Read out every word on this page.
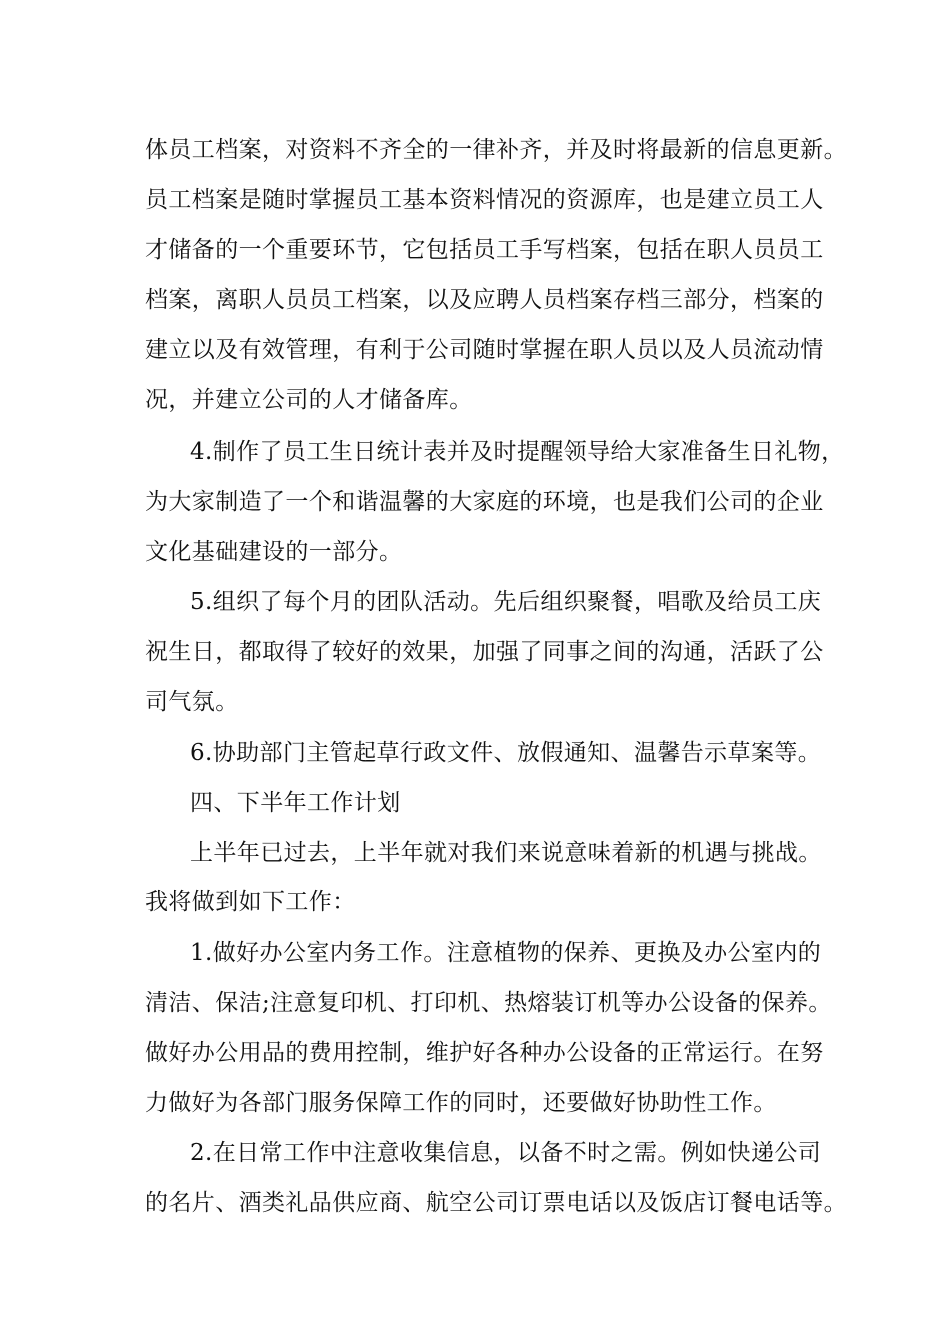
体员工档案，对资料不齐全的一律补齐，并及时将最新的信息更新。
员工档案是随时掌握员工基本资料情况的资源库，也是建立员工人
才储备的一个重要环节，它包括员工手写档案，包括在职人员员工
档案，离职人员员工档案，以及应聘人员档案存档三部分，档案的
建立以及有效管理，有利于公司随时掌握在职人员以及人员流动情
况，并建立公司的人才储备库。
4.制作了员工生日统计表并及时提醒领导给大家准备生日礼物，
为大家制造了一个和谐温馨的大家庭的环境，也是我们公司的企业
文化基础建设的一部分。
5.组织了每个月的团队活动。先后组织聚餐，唱歌及给员工庆
祝生日，都取得了较好的效果，加强了同事之间的沟通，活跃了公
司气氛。
6.协助部门主管起草行政文件、放假通知、温馨告示草案等。
四、下半年工作计划
上半年已过去，上半年就对我们来说意味着新的机遇与挑战。
我将做到如下工作：
1.做好办公室内务工作。注意植物的保养、更换及办公室内的
清洁、保洁;注意复印机、打印机、热熔装订机等办公设备的保养。
做好办公用品的费用控制，维护好各种办公设备的正常运行。在努
力做好为各部门服务保障工作的同时，还要做好协助性工作。
2.在日常工作中注意收集信息，以备不时之需。例如快递公司
的名片、酒类礼品供应商、航空公司订票电话以及饭店订餐电话等。
